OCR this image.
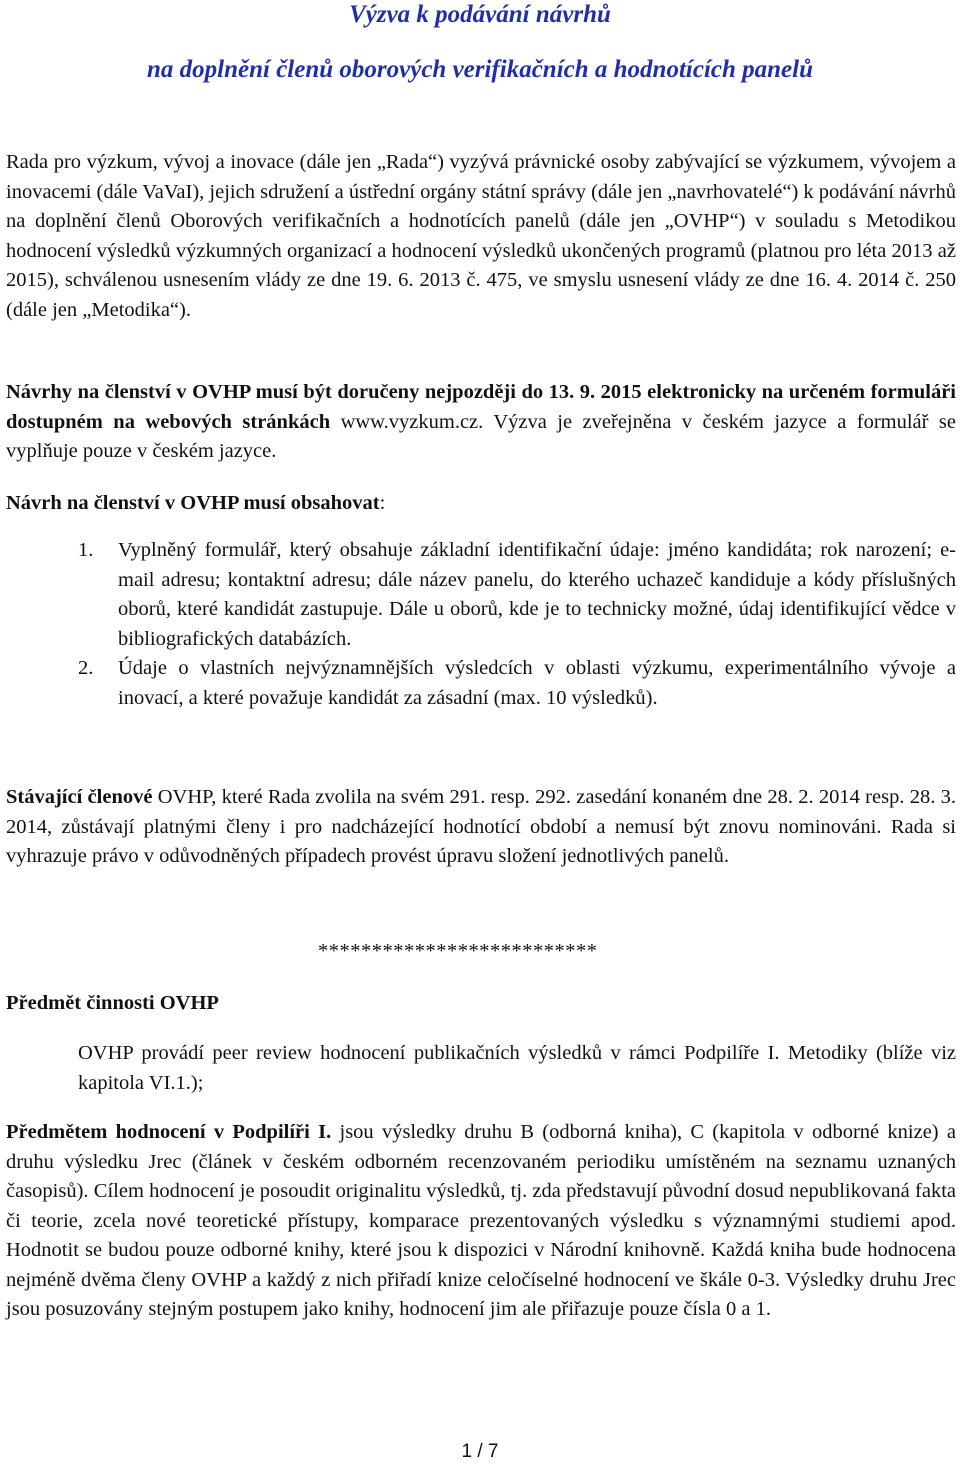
Výzva k podávání návrhů
na doplnění členů oborových verifikačních a hodnotících panelů

Rada pro výzkum, vývoj a inovace (dále jen „Rada“) vyzývá právnické osoby zabývající se výzkumem, vývojem a inovacemi (dále VaVaI), jejich sdružení a ústřední orgány státní správy (dále jen „navrhovatelé“) k podávání návrhů na doplnění členů Oborových verifikačních a hodnotících panelů (dále jen „OVHP“) v souladu s Metodikou hodnocení výsledků výzkumných organizací a hodnocení výsledků ukončených programů (platnou pro léta 2013 až 2015), schválenou usnesením vlády ze dne 19. 6. 2013 č. 475, ve smyslu usnesení vlády ze dne 16. 4. 2014 č. 250 (dále jen „Metodika“).

Návrhy na členství v OVHP musí být doručeny nejpozději do 13. 9. 2015 elektronicky na určeném formuláři dostupném na webových stránkách www.vyzkum.cz. Výzva je zveřejněna v českém jazyce a formulář se vyplňuje pouze v českém jazyce.

Návrh na členství v OVHP musí obsahovat:

1. Vyplněný formulář, který obsahuje základní identifikační údaje: jméno kandidáta; rok narození; e-mail adresu; kontaktní adresu; dále název panelu, do kterého uchazeč kandiduje a kódy příslušných oborů, které kandidát zastupuje. Dále u oborů, kde je to technicky možné, údaj identifikující vědce v bibliografických databázích.
2. Údaje o vlastních nejvýznamnějších výsledcích v oblasti výzkumu, experimentálního vývoje a inovací, a které považuje kandidát za zásadní (max. 10 výsledků).

Stávající členové OVHP, které Rada zvolila na svém 291. resp. 292. zasedání konaném dne 28. 2. 2014 resp. 28. 3. 2014, zůstávají platnými členy i pro nadcházející hodnotící období a nemusí být znovu nominováni. Rada si vyhrazuje právo v odůvodněných případech provést úpravu složení jednotlivých panelů.

**************************
Předmět činnosti OVHP

OVHP provádí peer review hodnocení publikačních výsledků v rámci Podpilíře I. Metodiky (blíže viz kapitola VI.1.);

Předmětem hodnocení v Podpilíři I. jsou výsledky druhu B (odborná kniha), C (kapitola v odborné knize) a druhu výsledku Jrec (článek v českém odborném recenzovaném periodiku umístěném na seznamu uznaných časopisů). Cílem hodnocení je posoudit originalitu výsledků, tj. zda představují původní dosud nepublikovaná fakta či teorie, zcela nové teoretické přístupy, komparace prezentovaných výsledku s významnými studiemi apod. Hodnotit se budou pouze odborné knihy, které jsou k dispozici v Národní knihovně. Každá kniha bude hodnocena nejméně dvěma členy OVHP a každý z nich přiřadí knize celočíselné hodnocení ve škále 0-3. Výsledky druhu Jrec jsou posuzovány stejným postupem jako knihy, hodnocení jim ale přiřazuje pouze čísla 0 a 1.

1 / 7
